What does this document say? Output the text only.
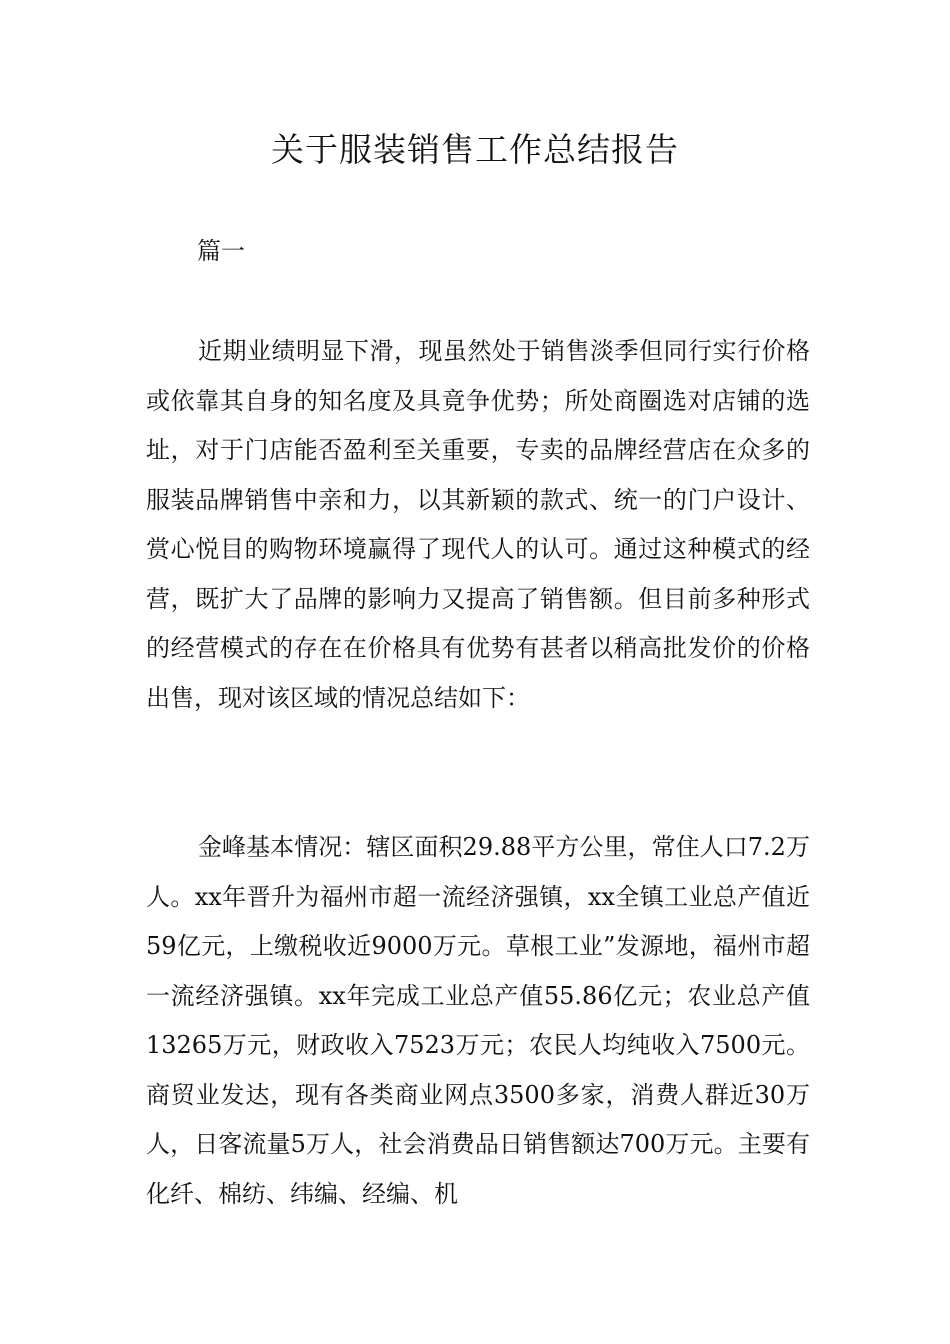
关于服装销售工作总结报告
篇一

近期业绩明显下滑，现虽然处于销售淡季但同行实行价格或依靠其自身的知名度及具竟争优势；所处商圈选对店铺的选址，对于门店能否盈利至关重要，专卖的品牌经营店在众多的服装品牌销售中亲和力，以其新颖的款式、统一的门户设计、赏心悦目的购物环境赢得了现代人的认可。通过这种模式的经营，既扩大了品牌的影响力又提高了销售额。但目前多种形式的经营模式的存在在价格具有优势有甚者以稍高批发价的价格出售，现对该区域的情况总结如下：

金峰基本情况：辖区面积29.88平方公里，常住人口7.2万人。xx年晋升为福州市超一流经济强镇，xx全镇工业总产值近59亿元，上缴税收近9000万元。草根工业”发源地，福州市超一流经济强镇。xx年完成工业总产值55.86亿元；农业总产值13265万元，财政收入7523万元；农民人均纯收入7500元。商贸业发达，现有各类商业网点3500多家，消费人群近30万人，日客流量5万人，社会消费品日销售额达700万元。主要有化纤、棉纺、纬编、经编、机
